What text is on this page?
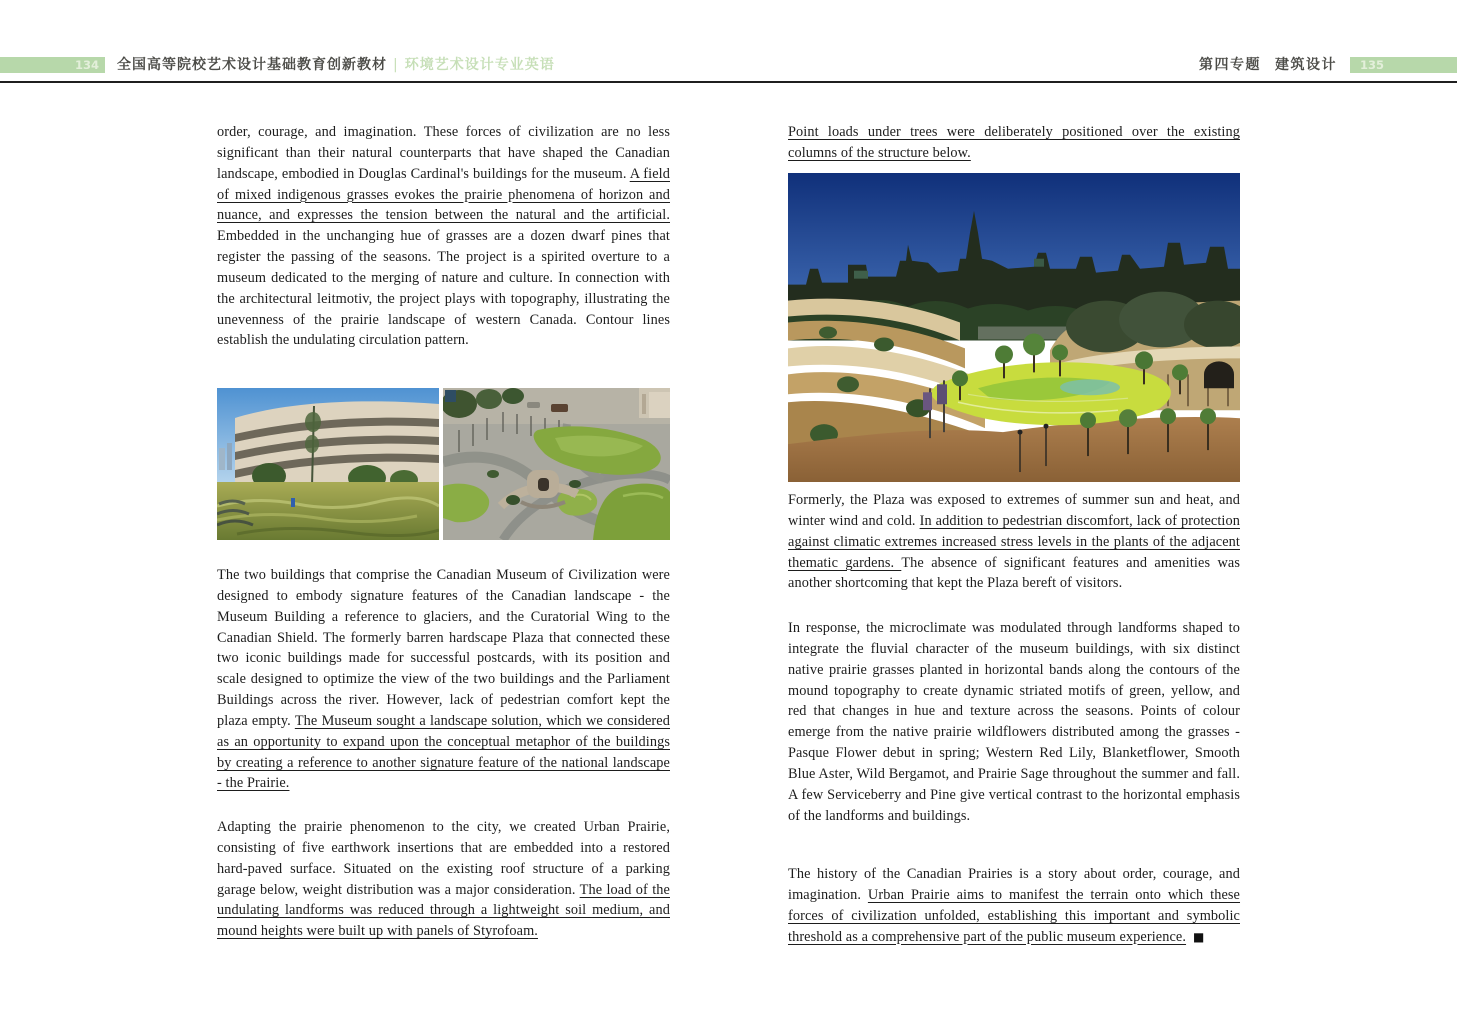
134	全国高等院校艺术设计基础教育创新教材 | 环境艺术设计专业英语	第四专题 建筑设计	135

order, courage, and imagination. These forces of civilization are no less significant than their natural counterparts that have shaped the Canadian landscape, embodied in Douglas Cardinal's buildings for the museum. A field of mixed indigenous grasses evokes the prairie phenomena of horizon and nuance, and expresses the tension between the natural and the artificial. Embedded in the unchanging hue of grasses are a dozen dwarf pines that register the passing of the seasons. The project is a spirited overture to a museum dedicated to the merging of nature and culture. In connection with the architectural leitmotiv, the project plays with topography, illustrating the unevenness of the prairie landscape of western Canada. Contour lines establish the undulating circulation pattern.

The two buildings that comprise the Canadian Museum of Civilization were designed to embody signature features of the Canadian landscape - the Museum Building a reference to glaciers, and the Curatorial Wing to the Canadian Shield. The formerly barren hardscape Plaza that connected these two iconic buildings made for successful postcards, with its position and scale designed to optimize the view of the two buildings and the Parliament Buildings across the river. However, lack of pedestrian comfort kept the plaza empty. The Museum sought a landscape solution, which we considered as an opportunity to expand upon the conceptual metaphor of the buildings by creating a reference to another signature feature of the national landscape - the Prairie.

Adapting the prairie phenomenon to the city, we created Urban Prairie, consisting of five earthwork insertions that are embedded into a restored hard-paved surface. Situated on the existing roof structure of a parking garage below, weight distribution was a major consideration. The load of the undulating landforms was reduced through a lightweight soil medium, and mound heights were built up with panels of Styrofoam.

Point loads under trees were deliberately positioned over the existing columns of the structure below.

Formerly, the Plaza was exposed to extremes of summer sun and heat, and winter wind and cold. In addition to pedestrian discomfort, lack of protection against climatic extremes increased stress levels in the plants of the adjacent thematic gardens. The absence of significant features and amenities was another shortcoming that kept the Plaza bereft of visitors.

In response, the microclimate was modulated through landforms shaped to integrate the fluvial character of the museum buildings, with six distinct native prairie grasses planted in horizontal bands along the contours of the mound topography to create dynamic striated motifs of green, yellow, and red that changes in hue and texture across the seasons. Points of colour emerge from the native prairie wildflowers distributed among the grasses - Pasque Flower debut in spring; Western Red Lily, Blanketflower, Smooth Blue Aster, Wild Bergamot, and Prairie Sage throughout the summer and fall. A few Serviceberry and Pine give vertical contrast to the horizontal emphasis of the landforms and buildings.

The history of the Canadian Prairies is a story about order, courage, and imagination. Urban Prairie aims to manifest the terrain onto which these forces of civilization unfolded, establishing this important and symbolic threshold as a comprehensive part of the public museum experience. ■
